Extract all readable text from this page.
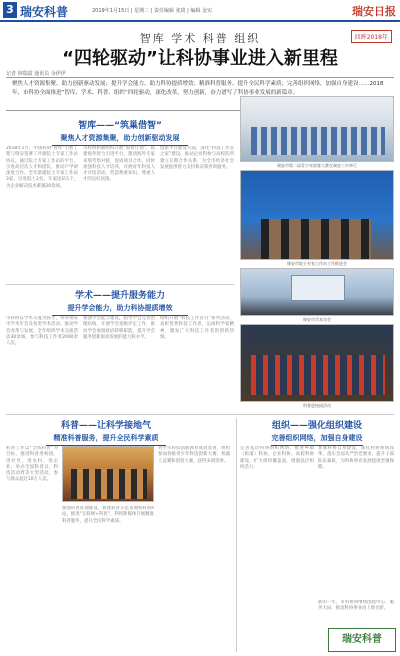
3 瑞安科普	2019年1月15日 | 星期二 | 责任编辑 张琦 | 编辑 金实	瑞安日报
智库 学术 科普 组织	回眸2018年
“四轮驱动”让科协事业进入新里程
记者 林瑞霞 通讯员 余伊伊
聚焦人才资源集聚、助力创新驱动发展；提升学会能力、助力科协提质增效；精准科普服务、提升全民科学素质；完善组织网络，加强自身建设……2018年，市科协全面推进“智库、学术、科普、组织”四轮驱动，深化改革，努力创新，奋力谱写了科协事业发展的新篇章。
智库——“筑巢借智”
聚焦人才资源集聚，助力创新驱动发展
2018年1月，中国科协“智库”引智工程与瑞安签署了共建院士专家工作站协议。通过院士专家工作站的平台，引进高层次人才和团队，推动产学研深度合作。全年新建院士专家工作站3家，引进院士2名、专家团队5个，为企业解决技术难题20余项。
市科协积极组织开展“海智计划”，搭建海外智力引进平台，邀请海外专家来瑞考察对接，促成项目合作。同时加强科技人才培养，开展青年科技人才评选活动，营造尊重知识、尊重人才的良好氛围。
创新平台建设方面，深化“科技工作者之家”建设，推动企业科协与高校院所建立长期合作关系，为全市经济社会发展提供智力支持和决策咨询服务。	瑞安市第二届青少年创客大赛在瑞安三中举行
瑞安市院士专家工作站工作推进会
瑞安市学术年会
科普进校园活动
学术——提升服务能力
提升学会能力，助力科协提质增效
市科协以学术交流为抓手，举办瑞安市学术年会及各类学术活动，推动学会改革与发展。全年组织学术交流活动30余场，参与科技工作者2000余人次。
加强学会能力建设，指导学会完善治理结构，开展学会星级评定工作，推动学会承接政府转移职能，提升学会服务创新驱动发展的能力和水平。
组织开展“科技工作者日”系列活动，表彰优秀科技工作者，弘扬科学家精神，激发广大科技工作者的创新热情。
科普——让科学接地气
精准科普服务，提升全民科学素质
科普工作以“全域科普”为目标，推进科普进校园、进社区、进农村、进企业。举办全国科普日、科技活动周等大型活动，参与群众超过10万人次。
加强科普阵地建设，新建科普示范基地和科普e站，推进“互联网+科普”，利用新媒体开展精准科普服务，提升全民科学素质。
青少年科技创新教育成效显著，组织参加各级青少年科技创新大赛、机器人竞赛和创客大赛，获得多项荣誉。
组织——强化组织建设
完善组织网络，加强自身建设
完善基层科协组织网络，推进乡镇（街道）科协、企业科协、高校科协建设，扩大组织覆盖面，增强基层组织活力。
加强科协自身建设，深化科协系统改革，落实全面从严治党要求，提升干部队伍素质，为科协事业发展提供坚强保障。
新的一年，市科协将继续围绕中心、服务大局，推动科协事业再上新台阶。
瑞安科普
